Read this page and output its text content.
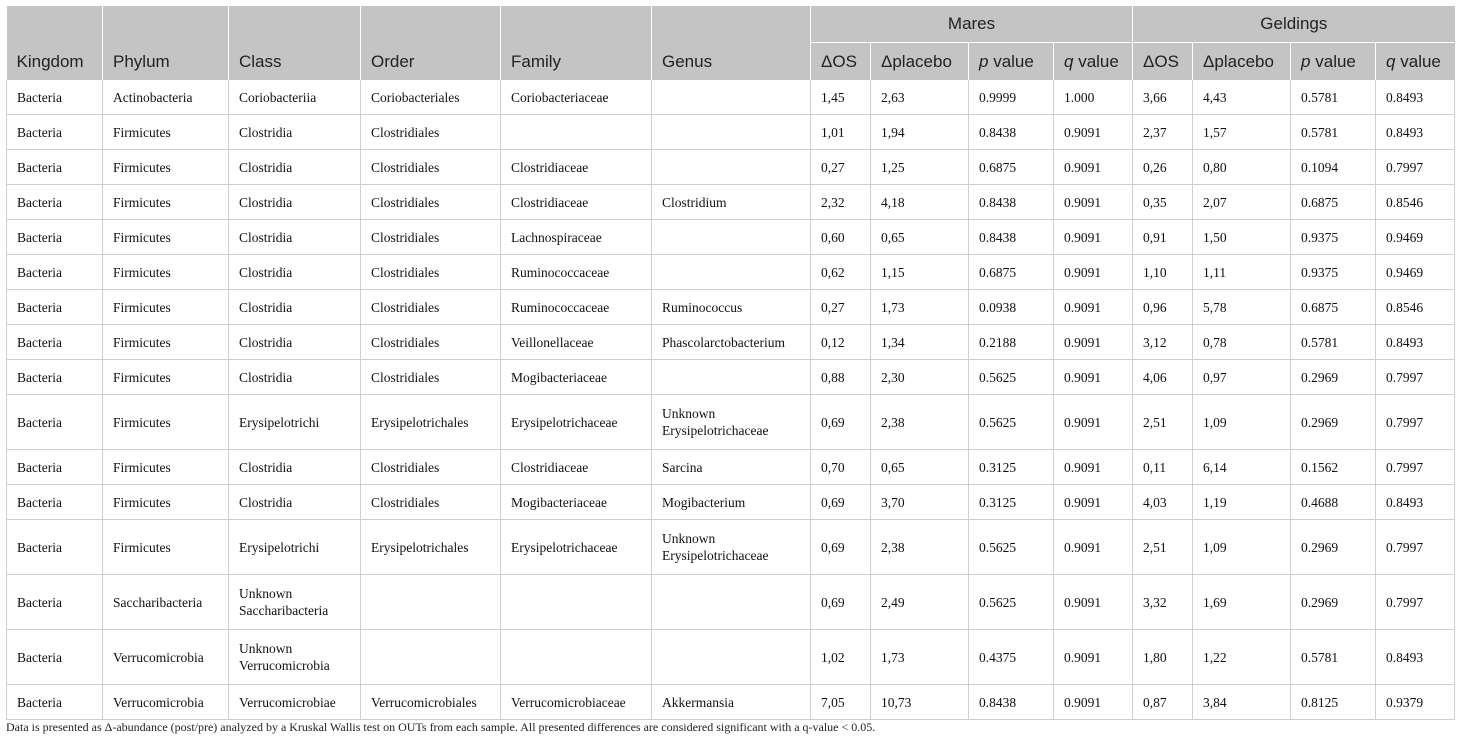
Kingdom	Phylum	Class	Order	Family	Genus	Mares				Geldings			
						ΔOS	Δplacebo	p value	q value	ΔOS	Δplacebo	p value	q value
Bacteria	Actinobacteria	Coriobacteriia	Coriobacteriales	Coriobacteriaceae		1,45	2,63	0.9999	1.000	3,66	4,43	0.5781	0.8493
Bacteria	Firmicutes	Clostridia	Clostridiales			1,01	1,94	0.8438	0.9091	2,37	1,57	0.5781	0.8493
Bacteria	Firmicutes	Clostridia	Clostridiales	Clostridiaceae		0,27	1,25	0.6875	0.9091	0,26	0,80	0.1094	0.7997
Bacteria	Firmicutes	Clostridia	Clostridiales	Clostridiaceae	Clostridium	2,32	4,18	0.8438	0.9091	0,35	2,07	0.6875	0.8546
Bacteria	Firmicutes	Clostridia	Clostridiales	Lachnospiraceae		0,60	0,65	0.8438	0.9091	0,91	1,50	0.9375	0.9469
Bacteria	Firmicutes	Clostridia	Clostridiales	Ruminococcaceae		0,62	1,15	0.6875	0.9091	1,10	1,11	0.9375	0.9469
Bacteria	Firmicutes	Clostridia	Clostridiales	Ruminococcaceae	Ruminococcus	0,27	1,73	0.0938	0.9091	0,96	5,78	0.6875	0.8546
Bacteria	Firmicutes	Clostridia	Clostridiales	Veillonellaceae	Phascolarctobacterium	0,12	1,34	0.2188	0.9091	3,12	0,78	0.5781	0.8493
Bacteria	Firmicutes	Clostridia	Clostridiales	Mogibacteriaceae		0,88	2,30	0.5625	0.9091	4,06	0,97	0.2969	0.7997
Bacteria	Firmicutes	Erysipelotrichi	Erysipelotrichales	Erysipelotrichaceae	Unknown Erysipelotrichaceae	0,69	2,38	0.5625	0.9091	2,51	1,09	0.2969	0.7997
Bacteria	Firmicutes	Clostridia	Clostridiales	Clostridiaceae	Sarcina	0,70	0,65	0.3125	0.9091	0,11	6,14	0.1562	0.7997
Bacteria	Firmicutes	Clostridia	Clostridiales	Mogibacteriaceae	Mogibacterium	0,69	3,70	0.3125	0.9091	4,03	1,19	0.4688	0.8493
Bacteria	Firmicutes	Erysipelotrichi	Erysipelotrichales	Erysipelotrichaceae	Unknown Erysipelotrichaceae	0,69	2,38	0.5625	0.9091	2,51	1,09	0.2969	0.7997
Bacteria	Saccharibacteria	Unknown Saccharibacteria				0,69	2,49	0.5625	0.9091	3,32	1,69	0.2969	0.7997
Bacteria	Verrucomicrobia	Unknown Verrucomicrobia				1,02	1,73	0.4375	0.9091	1,80	1,22	0.5781	0.8493
Bacteria	Verrucomicrobia	Verrucomicrobiae	Verrucomicrobiales	Verrucomicrobiaceae	Akkermansia	7,05	10,73	0.8438	0.9091	0,87	3,84	0.8125	0.9379
Data is presented as Δ-abundance (post/pre) analyzed by a Kruskal Wallis test on OUTs from each sample. All presented differences are considered significant with a q-value < 0.05.
